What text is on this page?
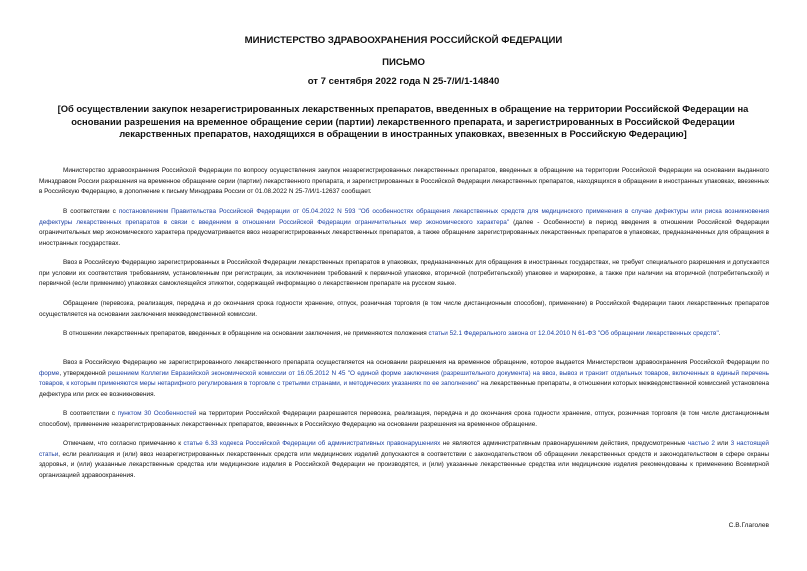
МИНИСТЕРСТВО ЗДРАВООХРАНЕНИЯ РОССИЙСКОЙ ФЕДЕРАЦИИ
ПИСЬМО
от 7 сентября 2022 года N 25-7/И/1-14840
[Об осуществлении закупок незарегистрированных лекарственных препаратов, введенных в обращение на территории Российской Федерации на основании разрешения на временное обращение серии (партии) лекарственного препарата, и зарегистрированных в Российской Федерации лекарственных препаратов, находящихся в обращении в иностранных упаковках, ввезенных в Российскую Федерацию]

Министерство здравоохранения Российской Федерации по вопросу осуществления закупок незарегистрированных лекарственных препаратов, введенных в обращение на территории Российской Федерации на основании выданного Минздравом России разрешения на временное обращение серии (партии) лекарственного препарата, и зарегистрированных в Российской Федерации лекарственных препаратов, находящихся в обращении в иностранных упаковках, ввезенных в Российскую Федерацию, в дополнение к письму Минздрава России от 01.08.2022 N 25-7/И/1-12637 сообщает.

В соответствии с постановлением Правительства Российской Федерации от 05.04.2022 N 593 "Об особенностях обращения лекарственных средств для медицинского применения в случае дефектуры или риска возникновения дефектуры лекарственных препаратов в связи с введением в отношении Российской Федерации ограничительных мер экономического характера" (далее - Особенности) в период введения в отношении Российской Федерации ограничительных мер экономического характера предусматривается ввоз незарегистрированных лекарственных препаратов, а также обращение зарегистрированных лекарственных препаратов в упаковках, предназначенных для обращения в иностранных государствах.

Ввоз в Российскую Федерацию зарегистрированных в Российской Федерации лекарственных препаратов в упаковках, предназначенных для обращения в иностранных государствах, не требует специального разрешения и допускается при условии их соответствия требованиям, установленным при регистрации, за исключением требований к первичной упаковке, вторичной (потребительской) упаковке и маркировке, а также при наличии на вторичной (потребительской) и первичной (если применимо) упаковках самоклеящейся этикетки, содержащей информацию о лекарственном препарате на русском языке.

Обращение (перевозка, реализация, передача и до окончания срока годности хранение, отпуск, розничная торговля (в том числе дистанционным способом), применение) в Российской Федерации таких лекарственных препаратов осуществляется на основании заключения межведомственной комиссии.

В отношении лекарственных препаратов, введенных в обращение на основании заключения, не применяются положения статьи 52.1 Федерального закона от 12.04.2010 N 61-ФЗ "Об обращении лекарственных средств".

Ввоз в Российскую Федерацию не зарегистрированного лекарственного препарата осуществляется на основании разрешения на временное обращение, которое выдается Министерством здравоохранения Российской Федерации по форме, утвержденной решением Коллегии Евразийской экономической комиссии от 16.05.2012 N 45 "О единой форме заключения (разрешительного документа) на ввоз, вывоз и транзит отдельных товаров, включенных в единый перечень товаров, к которым применяются меры нетарифного регулирования в торговле с третьими странами, и методических указаниях по ее заполнению" на лекарственные препараты, в отношении которых межведомственной комиссией установлена дефектура или риск ее возникновения.

В соответствии с пунктом 30 Особенностей на территории Российской Федерации разрешается перевозка, реализация, передача и до окончания срока годности хранение, отпуск, розничная торговля (в том числе дистанционным способом), применение незарегистрированных лекарственных препаратов, ввезенных в Российскую Федерацию на основании разрешения на временное обращение.

Отмечаем, что согласно примечанию к статье 6.33 кодекса Российской Федерации об административных правонарушениях не являются административным правонарушением действия, предусмотренные частью 2 или 3 настоящей статьи, если реализация и (или) ввоз незарегистрированных лекарственных средств или медицинских изделий допускаются в соответствии с законодательством об обращении лекарственных средств и законодательством в сфере охраны здоровья, и (или) указанные лекарственные средства или медицинские изделия в Российской Федерации не производятся, и (или) указанные лекарственные средства или медицинские изделия рекомендованы к применению Всемирной организацией здравоохранения.

С.В.Глаголев
